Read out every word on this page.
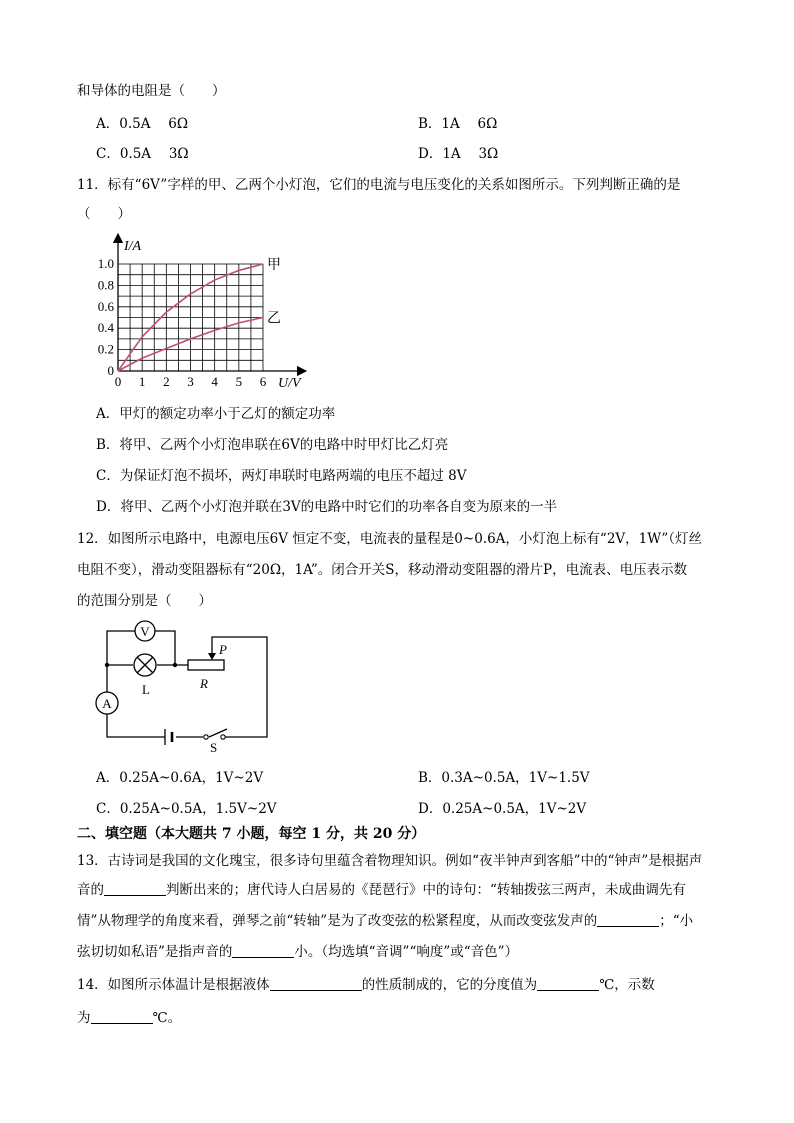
和导体的电阻是（　　）
A．0.5A　 6Ω	B．1A　 6Ω
C．0.5A　 3Ω	D．1A　 3Ω
11．标有“6V”字样的甲、乙两个小灯泡，它们的电流与电压变化的关系如图所示。下列判断正确的是
（　　）
I/A
U/V
0 1 2 3 4 5 6
0
0.2
0.4
0.6
0.8
1.0	甲
乙
A．甲灯的额定功率小于乙灯的额定功率
B．将甲、乙两个小灯泡串联在6V的电路中时甲灯比乙灯亮
C．为保证灯泡不损坏，两灯串联时电路两端的电压不超过 8V
D．将甲、乙两个小灯泡并联在3V的电路中时它们的功率各自变为原来的一半
12．如图所示电路中，电源电压6V 恒定不变，电流表的量程是0~0.6A，小灯泡上标有“2V，1W”（灯丝
电阻不变），滑动变阻器标有“20Ω，1A”。闭合开关S，移动滑动变阻器的滑片P，电流表、电压表示数
的范围分别是（　　）
V
L
A
P
R
S
A．0.25A~0.6A，1V~2V	B．0.3A~0.5A，1V~1.5V
C．0.25A~0.5A，1.5V~2V	D．0.25A~0.5A，1V~2V
二、填空题（本大题共 7 小题，每空 1 分，共 20 分）
13．古诗词是我国的文化瑰宝，很多诗句里蕴含着物理知识。例如“夜半钟声到客船”中的“钟声”是根据声
音的	判断出来的；唐代诗人白居易的《琵琶行》中的诗句：“转轴拨弦三两声，未成曲调先有
情”从物理学的角度来看，弹琴之前“转轴”是为了改变弦的松紧程度，从而改变弦发声的	；“小
弦切切如私语”是指声音的	小。（均选填“音调”“响度”或“音色”）
14．如图所示体温计是根据液体	的性质制成的，它的分度值为	℃，示数
为	℃。
